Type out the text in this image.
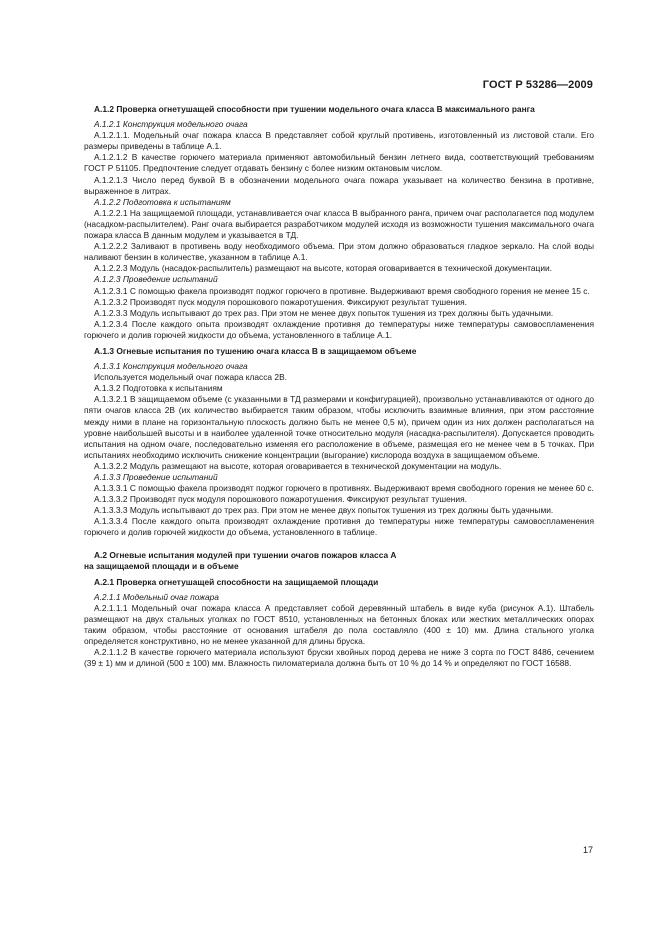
ГОСТ Р 53286—2009

А.1.2 Проверка огнетушащей способности при тушении модельного очага класса В максимального ранга

А.1.2.1 Конструкция модельного очага

А.1.2.1.1. Модельный очаг пожара класса В представляет собой круглый противень, изготовленный из листовой стали. Его размеры приведены в таблице А.1.

А.1.2.1.2 В качестве горючего материала применяют автомобильный бензин летнего вида, соответствующий требованиям ГОСТ Р 51105. Предпочтение следует отдавать бензину с более низким октановым числом.

А.1.2.1.3 Число перед буквой В в обозначении модельного очага пожара указывает на количество бензина в противне, выраженное в литрах.

А.1.2.2 Подготовка к испытаниям

А.1.2.2.1 На защищаемой площади, устанавливается очаг класса В выбранного ранга, причем очаг располагается под модулем (насадком-распылителем). Ранг очага выбирается разработчиком модулей исходя из возможности тушения максимального очага пожара класса В данным модулем и указывается в ТД.

А.1.2.2.2 Заливают в противень воду необходимого объема. При этом должно образоваться гладкое зеркало. На слой воды наливают бензин в количестве, указанном в таблице А.1.

А.1.2.2.3 Модуль (насадок-распылитель) размещают на высоте, которая оговаривается в технической документации.

А.1.2.3 Проведение испытаний

А.1.2.3.1 С помощью факела производят поджог горючего в противне. Выдерживают время свободного горения не менее 15 с.

А.1.2.3.2 Производят пуск модуля порошкового пожаротушения. Фиксируют результат тушения.

А.1.2.3.3 Модуль испытывают до трех раз. При этом не менее двух попыток тушения из трех должны быть удачными.

А.1.2.3.4 После каждого опыта производят охлаждение противня до температуры ниже температуры самовоспламенения горючего и долив горючей жидкости до объема, установленного в таблице А.1.

А.1.3 Огневые испытания по тушению очага класса В в защищаемом объеме

А.1.3.1 Конструкция модельного очага

Используется модельный очаг пожара класса 2В.

А.1.3.2 Подготовка к испытаниям

А.1.3.2.1 В защищаемом объеме (с указанными в ТД размерами и конфигурацией), произвольно устанавливаются от одного до пяти очагов класса 2В (их количество выбирается таким образом, чтобы исключить взаимные влияния, при этом расстояние между ними в плане на горизонтальную плоскость должно быть не менее 0,5 м), причем один из них должен располагаться на уровне наибольшей высоты и в наиболее удаленной точке относительно модуля (насадка-распылителя). Допускается проводить испытания на одном очаге, последовательно изменяя его расположение в объеме, размещая его не менее чем в 5 точках. При испытаниях необходимо исключить снижение концентрации (выгорание) кислорода воздуха в защищаемом объеме.

А.1.3.2.2 Модуль размещают на высоте, которая оговаривается в технической документации на модуль.

А.1.3.3 Проведение испытаний

А.1.3.3.1 С помощью факела производят поджог горючего в противнях. Выдерживают время свободного горения не менее 60 с.

А.1.3.3.2 Производят пуск модуля порошкового пожаротушения. Фиксируют результат тушения.

А.1.3.3.3 Модуль испытывают до трех раз. При этом не менее двух попыток тушения из трех должны быть удачными.

А.1.3.3.4 После каждого опыта производят охлаждение противня до температуры ниже температуры самовоспламенения горючего и долив горючей жидкости до объема, установленного в таблице.

А.2 Огневые испытания модулей при тушении очагов пожаров класса А
на защищаемой площади и в объеме

А.2.1 Проверка огнетушащей способности на защищаемой площади

А.2.1.1 Модельный очаг пожара

А.2.1.1.1 Модельный очаг пожара класса А представляет собой деревянный штабель в виде куба (рисунок А.1). Штабель размещают на двух стальных уголках по ГОСТ 8510, установленных на бетонных блоках или жестких металлических опорах таким образом, чтобы расстояние от основания штабеля до пола составляло (400 ± 10) мм. Длина стального уголка определяется конструктивно, но не менее указанной для длины бруска.

А.2.1.1.2 В качестве горючего материала используют бруски хвойных пород дерева не ниже 3 сорта по ГОСТ 8486, сечением (39 ± 1) мм и длиной (500 ± 100) мм. Влажность пиломатериала должна быть от 10 % до 14 % и определяют по ГОСТ 16588.

17
